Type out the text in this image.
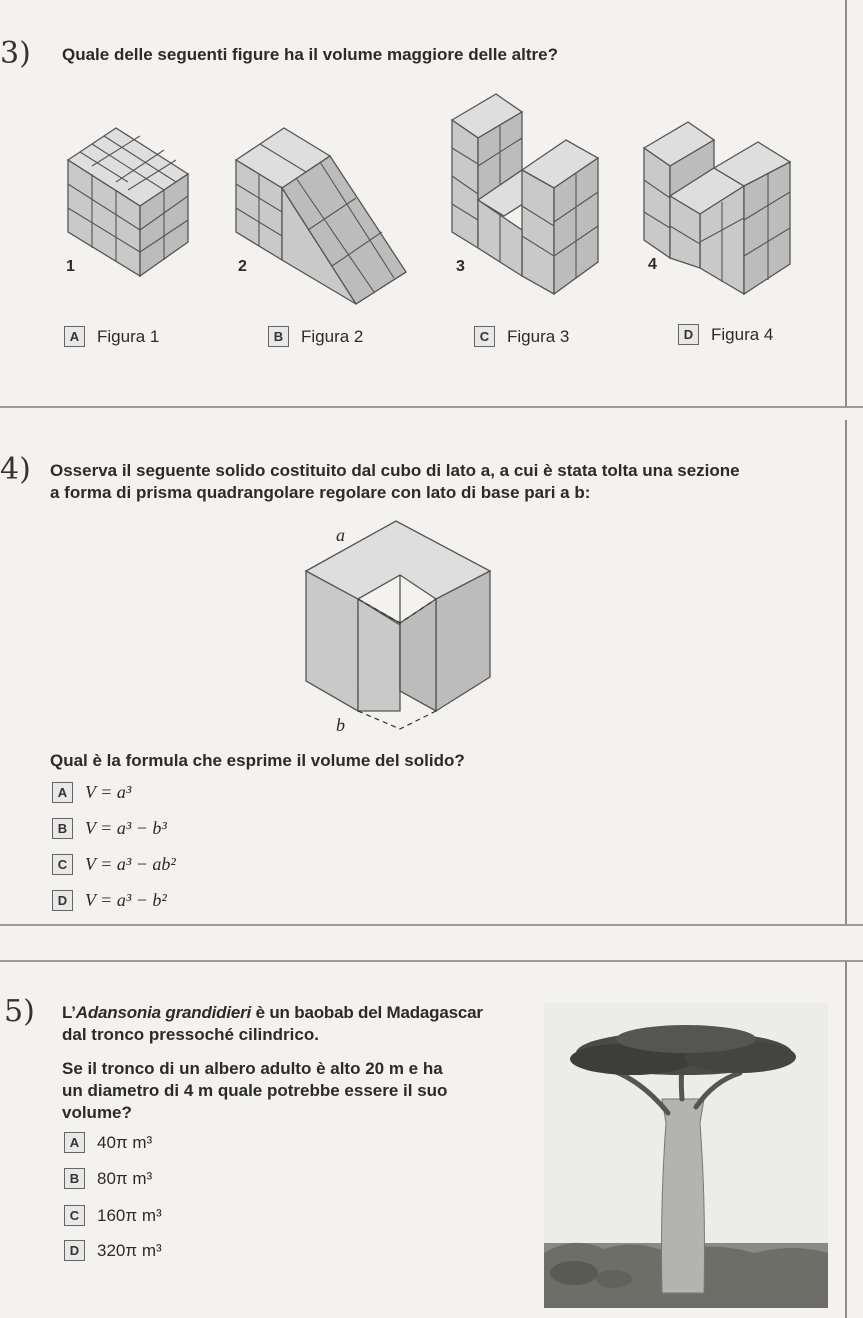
3) Quale delle seguenti figure ha il volume maggiore delle altre?
1	2	3	4
A	Figura 1	B	Figura 2	C	Figura 3	D	Figura 4
4) Osserva il seguente solido costituito dal cubo di lato a, a cui è stata tolta una sezione
a forma di prisma quadrangolare regolare con lato di base pari a b:
a
b
Qual è la formula che esprime il volume del solido?
A V = a³
B V = a³ − b³
C V = a³ − ab²
D V = a³ − b²
5) L’Adansonia grandidieri è un baobab del Madagascar
dal tronco pressoché cilindrico.
Se il tronco di un albero adulto è alto 20 m e ha
un diametro di 4 m quale potrebbe essere il suo
volume?
A	40π m³
B	80π m³
C	160π m³
D	320π m³
